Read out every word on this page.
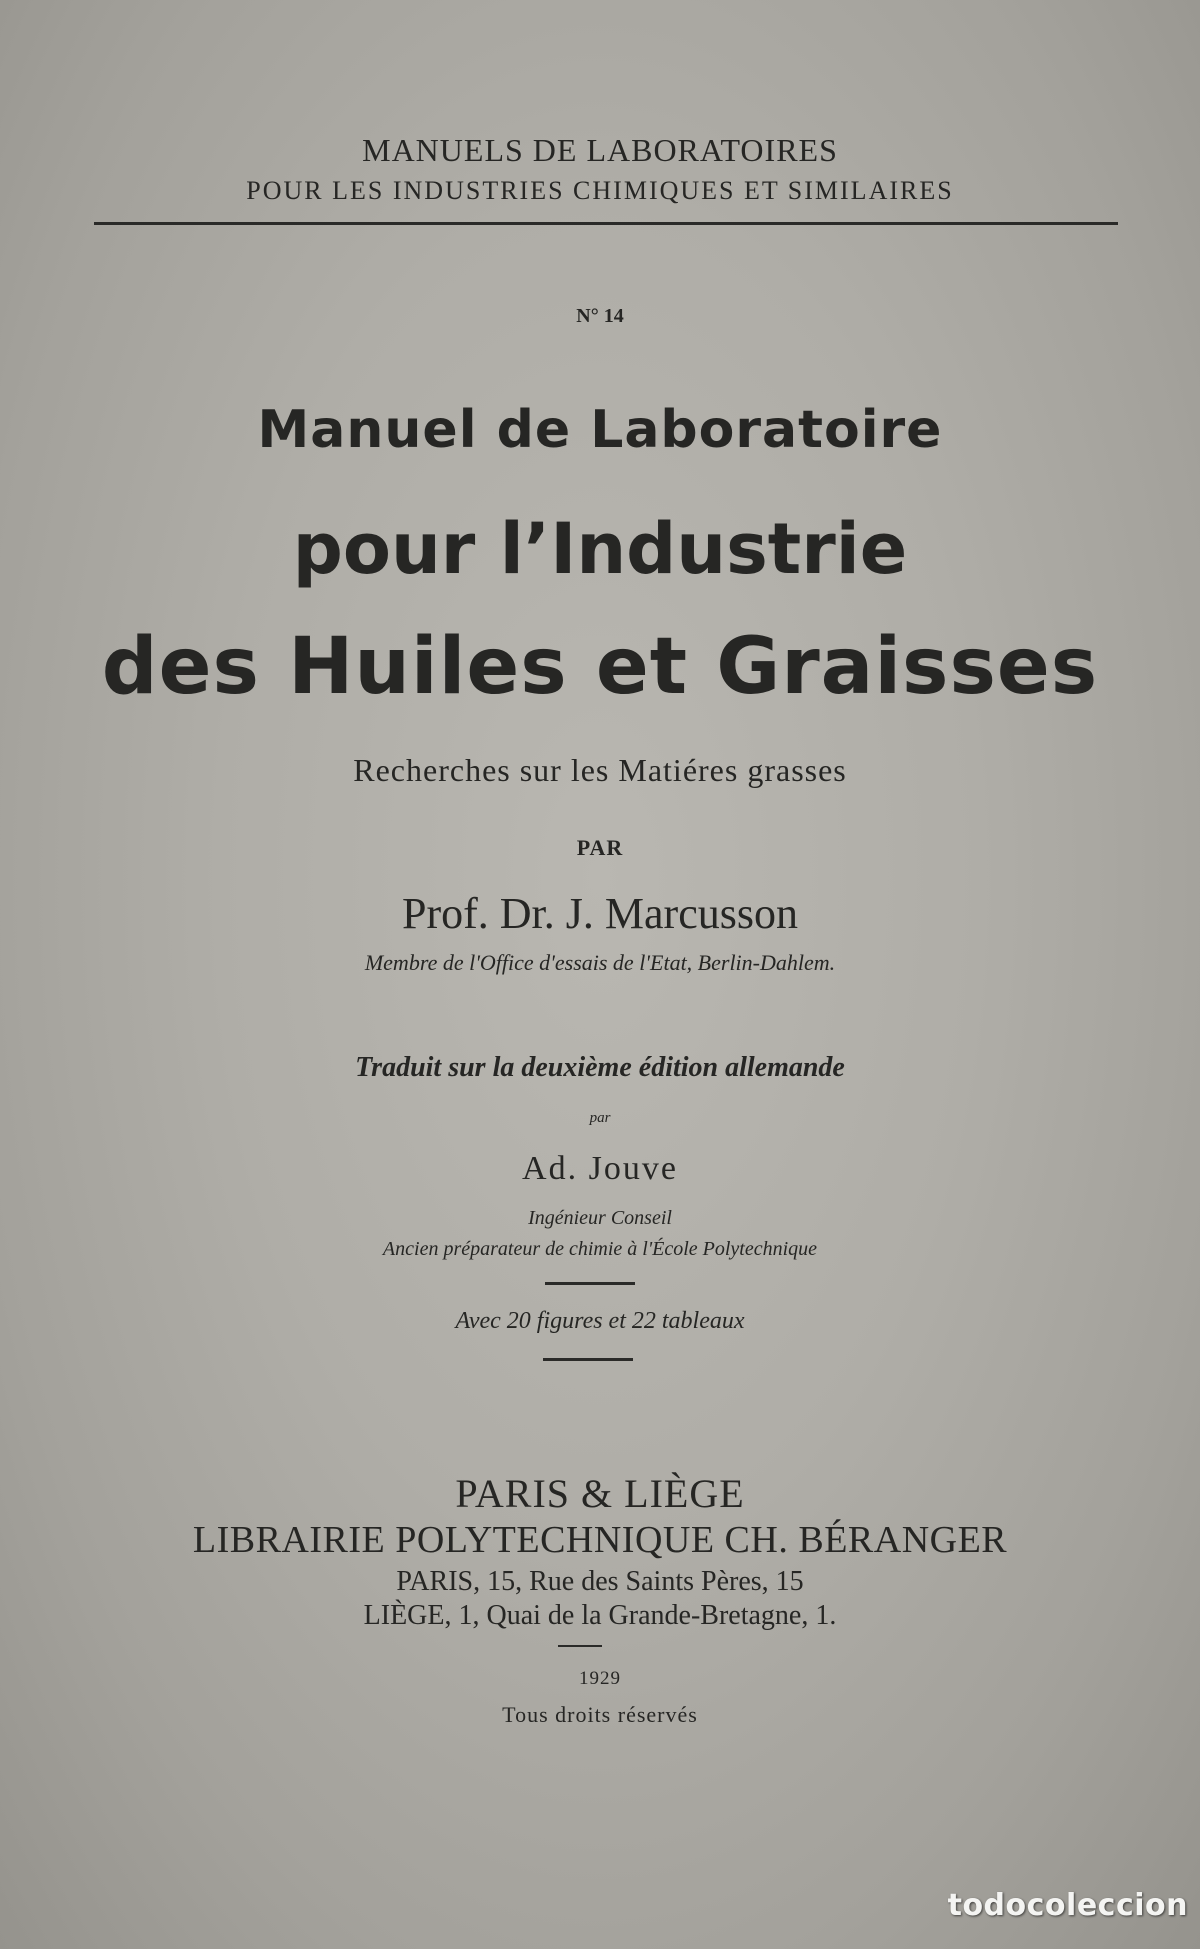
MANUELS DE LABORATOIRES
POUR LES INDUSTRIES CHIMIQUES ET SIMILAIRES
N° 14
Manuel de Laboratoire
pour l’Industrie
des Huiles et Graisses
Recherches sur les Matiéres grasses
PAR
Prof. Dr. J. Marcusson
Membre de l'Office d'essais de l'Etat, Berlin-Dahlem.
Traduit sur la deuxième édition allemande
par
Ad. Jouve
Ingénieur Conseil
Ancien préparateur de chimie à l'École Polytechnique
Avec 20 figures et 22 tableaux
PARIS & LIÈGE
LIBRAIRIE POLYTECHNIQUE CH. BÉRANGER
PARIS, 15, Rue des Saints Pères, 15
LIÈGE, 1, Quai de la Grande-Bretagne, 1.
1929
Tous droits réservés
todocoleccion
